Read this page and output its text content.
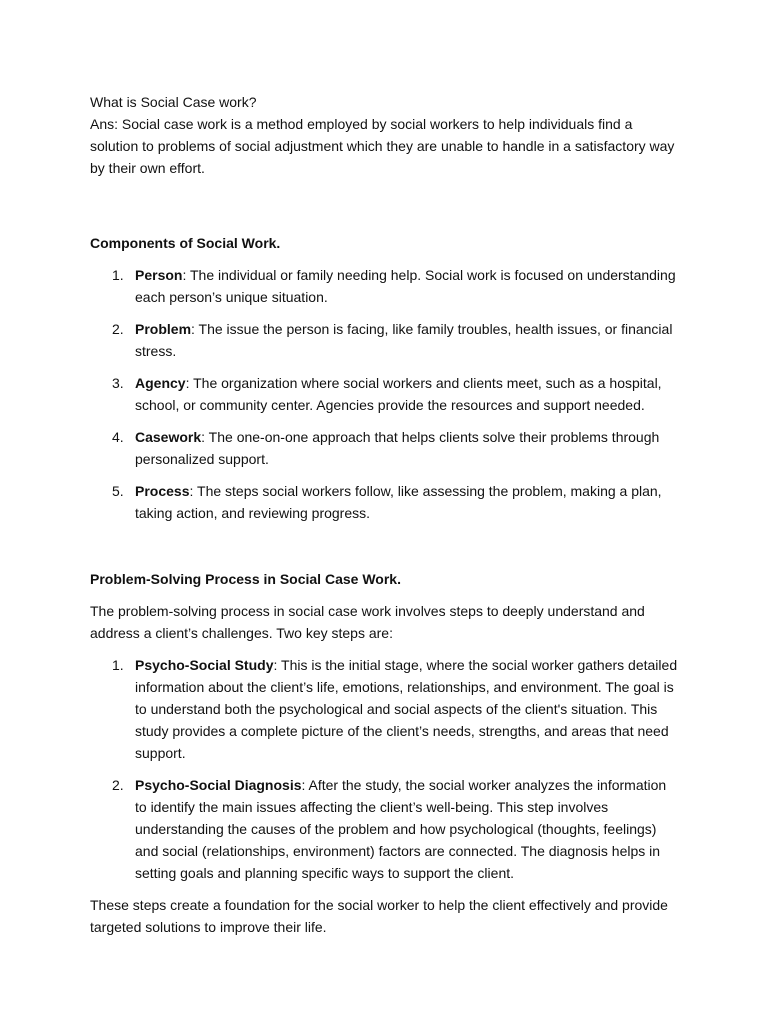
What is Social Case work?

Ans: Social case work is a method employed by social workers to help individuals find a solution to problems of social adjustment which they are unable to handle in a satisfactory way by their own effort.

Components of Social Work.

1. Person: The individual or family needing help. Social work is focused on understanding each person’s unique situation.
2. Problem: The issue the person is facing, like family troubles, health issues, or financial stress.
3. Agency: The organization where social workers and clients meet, such as a hospital, school, or community center. Agencies provide the resources and support needed.
4. Casework: The one-on-one approach that helps clients solve their problems through personalized support.
5. Process: The steps social workers follow, like assessing the problem, making a plan, taking action, and reviewing progress.

Problem-Solving Process in Social Case Work.

The problem-solving process in social case work involves steps to deeply understand and address a client’s challenges. Two key steps are:

1. Psycho-Social Study: This is the initial stage, where the social worker gathers detailed information about the client’s life, emotions, relationships, and environment. The goal is to understand both the psychological and social aspects of the client's situation. This study provides a complete picture of the client’s needs, strengths, and areas that need support.
2. Psycho-Social Diagnosis: After the study, the social worker analyzes the information to identify the main issues affecting the client’s well-being. This step involves understanding the causes of the problem and how psychological (thoughts, feelings) and social (relationships, environment) factors are connected. The diagnosis helps in setting goals and planning specific ways to support the client.

These steps create a foundation for the social worker to help the client effectively and provide targeted solutions to improve their life.
